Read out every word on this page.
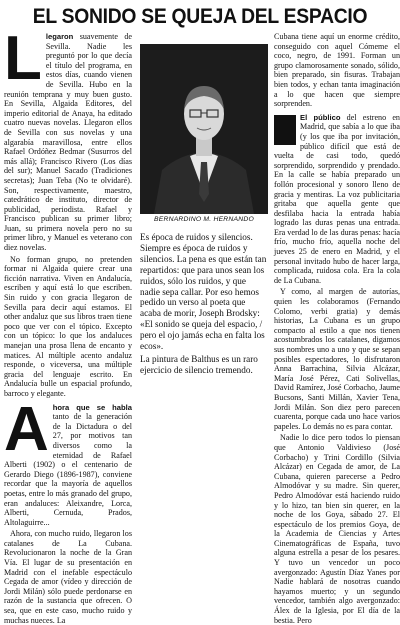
EL SONIDO SE QUEJA DEL ESPACIO

L legaron suavemente de Sevilla. Nadie les preguntó por lo que decía el título del programa, en estos días, cuando vienen de Sevilla. Hubo en la reunión temprana y muy buen gusto. En Sevilla, Algaida Editores, del imperio editorial de Anaya, ha editado cuatro nuevas novelas. Llegaron ellos de Sevilla con sus novelas y una algarabía maravillosa, entre ellos Rafael Ordóñez Bedmar (Susurros del más allá); Francisco Rivero (Los días del sur); Manuel Sacado (Tradiciones secretas); Juan Teba (No te olvidaré). Son, respectivamente, maestro, catedrático de instituto, director de publicidad, periodista. Rafael y Francisco publican su primer libro; Juan, su primera novela pero no su primer libro, y Manuel es veterano con diez novelas.

No forman grupo, no pretenden formar ni Algaida quiere crear una ficción narrativa. Viven en Andalucía, escriben y aquí está lo que escriben. Sin ruido y con gracia llegaron de Sevilla para decir aquí estamos. El other andaluz que sus libros traen tiene poco que ver con el tópico. Excepto con un tópico: lo que los andaluces manejan una prosa llena de encanto y matices. Al múltiple acento andaluz responde, o viceversa, una múltiple gracia del lenguaje escrito. En Andalucía bulle un espacial profundo, barroco y elegante.

A hora que se habla tanto de la generación de la Dictadura o del 27, por motivos tan diversos como la eternidad de Rafael Alberti (1902) o el centenario de Gerardo Diego (1896-1987), conviene recordar que la mayoría de aquellos poetas, entre lo más granado del grupo, eran andaluces: Aleixandre, Lorca, Alberti, Cernuda, Prados, Altolaguirre...

Ahora, con mucho ruido, llegaron los catalanes de La Cubana. Revolucionaron la noche de la Gran Vía. El lugar de su presentación en Madrid con el inefable espectáculo Cegada de amor (vídeo y dirección de Jordi Milán) sólo puede perdonarse en razón de la sustancia que ofrecen. O sea, que en este caso, mucho ruido y muchas nueces. La

BERNARDINO M. HERNANDO

Es época de ruidos y silencios. Siempre es época de ruidos y silencios. La pena es que están tan repartidos: que para unos sean los ruidos, sólo los ruidos, y que nadie sepa callar. Por eso hemos pedido un verso al poeta que acaba de morir, Joseph Brodsky: «El sonido se queja del espacio, / pero el ojo jamás echa en falta los ecos».

La pintura de Balthus es un raro ejercicio de silencio tremendo.

Cubana tiene aquí un enorme crédito, conseguido con aquel Cómeme el coco, negro, de 1991. Forman un grupo clamorosamente sonado, sólido, bien preparado, sin fisuras. Trabajan bien todos, y echan tanta imaginación a lo que hacen que siempre sorprenden.

El público del estreno en Madrid, que sabía a lo que iba (y los que iba por invitación, público difícil que está de vuelta de casi todo, quedó sorprendido, sorprendido y prendado. En la calle se había preparado un follón procesional y sonoro lleno de gracia y mentiras. La voz publicitaria gritaba que aquella gente que desfilaba hacia la entrada había logrado las duras penas una entrada. Era verdad lo de las duras penas: hacía frío, mucho frío, aquella noche del jueves 25 de enero en Madrid, y el personal invitado hubo de hacer larga, complicada, ruidosa cola. Era la cola de La Cubana.

Y como, al margen de autorías, quien les colaboramos (Fernando Colomo, verbi gratia) y demás historias, La Cubana es un grupo compacto al estilo a que nos tienen acostumbrados los catalanes, digamos sus nombres uno a uno y que se sepan posibles espectadores, lo disfrutaron Anna Barrachina, Silvia Alcázar, María José Pérez, Cati Solivellas, David Ramírez, José Corbacho, Jaume Bucsons, Santi Millán, Xavier Tena, Jordi Milán. Son diez pero parecen cuarenta, porque cada uno hace varios papeles. Lo demás no es para contar.

Nadie lo dice pero todos lo piensan que Antonio Valdivieso (José Corbacho) y Trini Cordillo (Silvia Alcázar) en Cegada de amor, de La Cubana, quieren parecerse a Pedro Almodóvar y su madre. Sin querer, Pedro Almodóvar está haciendo ruido y lo hizo, tan bien sin querer, en la noche de los Goya, sábado 27. El espectáculo de los premios Goya, de la Academia de Ciencias y Artes Cinematográficas de España, tuvo alguna estrella a pesar de los pesares. Y tuvo un vencedor un poco avergonzado: Agustín Díaz Yanes por Nadie hablará de nosotras cuando hayamos muerto; y un segundo vencedor, también algo avergonzado: Álex de la Iglesia, por El día de la bestia. Pero
